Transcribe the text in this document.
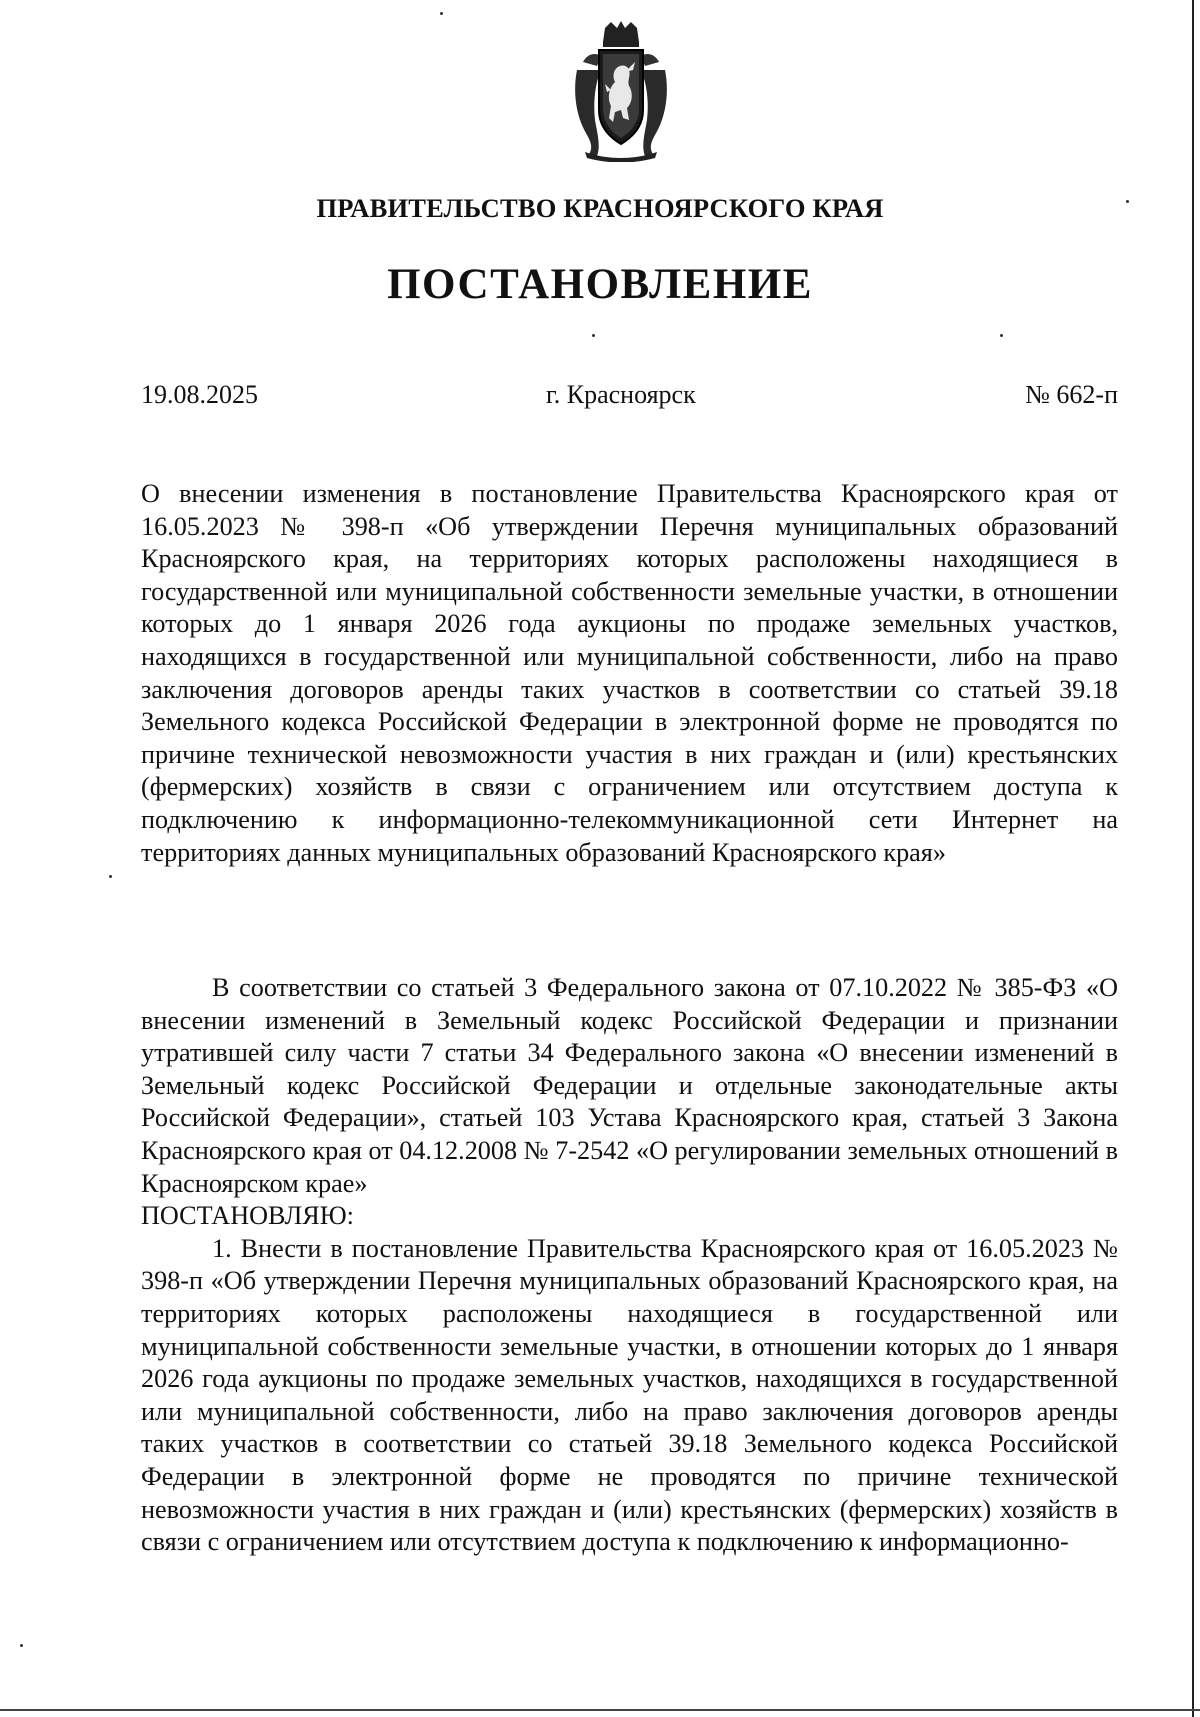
ПРАВИТЕЛЬСТВО КРАСНОЯРСКОГО КРАЯ
ПОСТАНОВЛЕНИЕ
19.08.2025	г. Красноярск	№ 662-п

О внесении изменения в постановление Правительства Красноярского края от 16.05.2023 № 398-п «Об утверждении Перечня муниципальных образований Красноярского края, на территориях которых расположены находящиеся в государственной или муниципальной собственности земельные участки, в отношении которых до 1 января 2026 года аукционы по продаже земельных участков, находящихся в государственной или муниципальной собственности, либо на право заключения договоров аренды таких участков в соответствии со статьей 39.18 Земельного кодекса Российской Федерации в электронной форме не проводятся по причине технической невозможности участия в них граждан и (или) крестьянских (фермерских) хозяйств в связи с ограничением или отсутствием доступа к подключению к информационно-телекоммуникационной сети Интернет на территориях данных муниципальных образований Красноярского края»

В соответствии со статьей 3 Федерального закона от 07.10.2022 № 385-ФЗ «О внесении изменений в Земельный кодекс Российской Федерации и признании утратившей силу части 7 статьи 34 Федерального закона «О внесении изменений в Земельный кодекс Российской Федерации и отдельные законодательные акты Российской Федерации», статьей 103 Устава Красноярского края, статьей 3 Закона Красноярского края от 04.12.2008 № 7-2542 «О регулировании земельных отношений в Красноярском крае»

ПОСТАНОВЛЯЮ:

1. Внести в постановление Правительства Красноярского края от 16.05.2023 № 398-п «Об утверждении Перечня муниципальных образований Красноярского края, на территориях которых расположены находящиеся в государственной или муниципальной собственности земельные участки, в отношении которых до 1 января 2026 года аукционы по продаже земельных участков, находящихся в государственной или муниципальной собственности, либо на право заключения договоров аренды таких участков в соответствии со статьей 39.18 Земельного кодекса Российской Федерации в электронной форме не проводятся по причине технической невозможности участия в них граждан и (или) крестьянских (фермерских) хозяйств в связи с ограничением или отсутствием доступа к подключению к информационно-
